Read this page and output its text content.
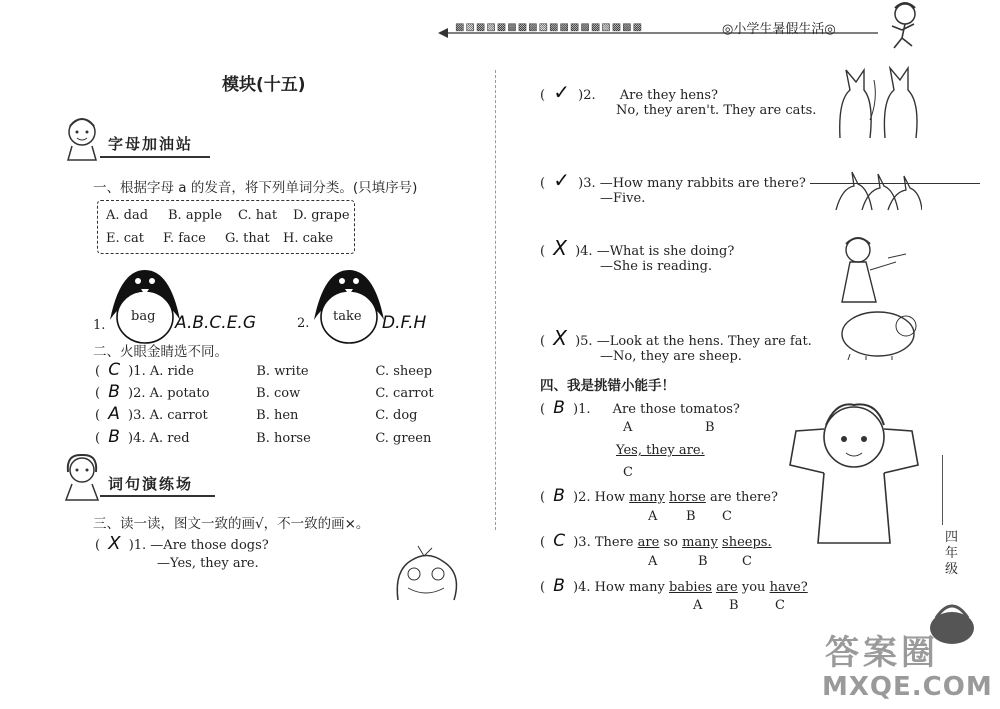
▩▧▩▧▩▩▩▩▧▩▩▩▩▩▧▩▩▩	◎小学生暑假生活◎
模块(十五)
字母加油站
一、根据字母 a 的发音，将下列单词分类。(只填序号)
A. dad B. apple C. hat D. grape
E. cat F. face G. that H. cake
bag
1.	A.B.C.E.G	take
2.	D.F.H
二、火眼金睛选不同。
( C )1. A. ride	B. write	C. sheep
( B )2. A. potato	B. cow	C. carrot
( A )3. A. carrot	B. hen	C. dog
( B )4. A. red	B. horse	C. green
词句演练场
三、读一读，图文一致的画√，不一致的画×。
( X )1. —Are those dogs?
—Yes, they are.
( ✓ )2. Are they hens?
No, they aren't. They are cats.
( ✓ )3. —How many rabbits are there?
—Five.
( X )4. —What is she doing?
—She is reading.
( X )5. —Look at the hens. They are fat.
—No, they are sheep.
四、我是挑错小能手！
( B )1. Are those tomatos?
A	B
Yes, they are.
C
( B )2. How many horse are there?
A B C
( C )3. There are so many sheeps.
A	B	C
( B )4. How many babies are you have?
A B	C
四年级
答案圈
MXQE.COM
